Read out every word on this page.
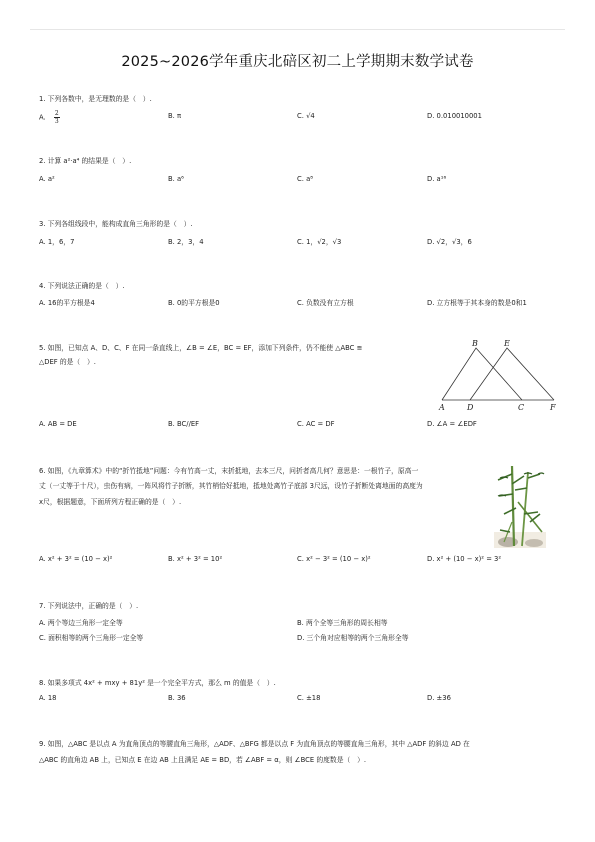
2025~2026学年重庆北碚区初二上学期期末数学试卷
1. 下列各数中，是无理数的是（　）.
A. $\frac{2}{3}$	B. π	C. √4	D. 0.010010001
2. 计算 a²·a⁴ 的结果是（　）.
A. a²	B. a⁶	C. a⁸	D. a¹⁶
3. 下列各组线段中，能构成直角三角形的是（　）.
A. 1，6，7	B. 2，3，4	C. 1，√2，√3	D. √2，√3，6
4. 下列说法正确的是（　）.
A. 16的平方根是4	B. 0的平方根是0	C. 负数没有立方根	D. 立方根等于其本身的数是0和1
5. 如图，已知点 A、D、C、F 在同一条直线上，∠B = ∠E，BC = EF，添加下列条件，仍不能使 △ABC ≅
△DEF 的是（　）.
A
B
C
D
E
F
A. AB = DE	B. BC//EF	C. AC = DF	D. ∠A = ∠EDF
6. 如图，《九章算术》中的“折竹抵地”问题：今有竹高一丈，末折抵地，去本三尺，问折者高几何？意思是：一根竹子，原高一
丈（一丈等于十尺），虫伤有病，一阵风将竹子折断，其竹梢恰好抵地，抵地处离竹子底部 3尺远，设竹子折断处离地面的高度为
x尺，根据题意，下面所列方程正确的是（　）.
A. x² + 3² = (10 − x)²	B. x² + 3² = 10²	C. x² − 3² = (10 − x)²	D. x² + (10 − x)² = 3²
7. 下列说法中，正确的是（　）.
A. 两个等边三角形一定全等	B. 两个全等三角形的周长相等
C. 面积相等的两个三角形一定全等	D. 三个角对应相等的两个三角形全等
8. 如果多项式 4x² + mxy + 81y² 是一个完全平方式，那么 m 的值是（　）.
A. 18	B. 36	C. ±18	D. ±36
9. 如图，△ABC 是以点 A 为直角顶点的等腰直角三角形，△ADF、△BFG 都是以点 F 为直角顶点的等腰直角三角形，其中 △ADF 的斜边 AD 在
△ABC 的直角边 AB 上，已知点 E 在边 AB 上且满足 AE = BD，若 ∠ABF = α，则 ∠BCE 的度数是（　）.
